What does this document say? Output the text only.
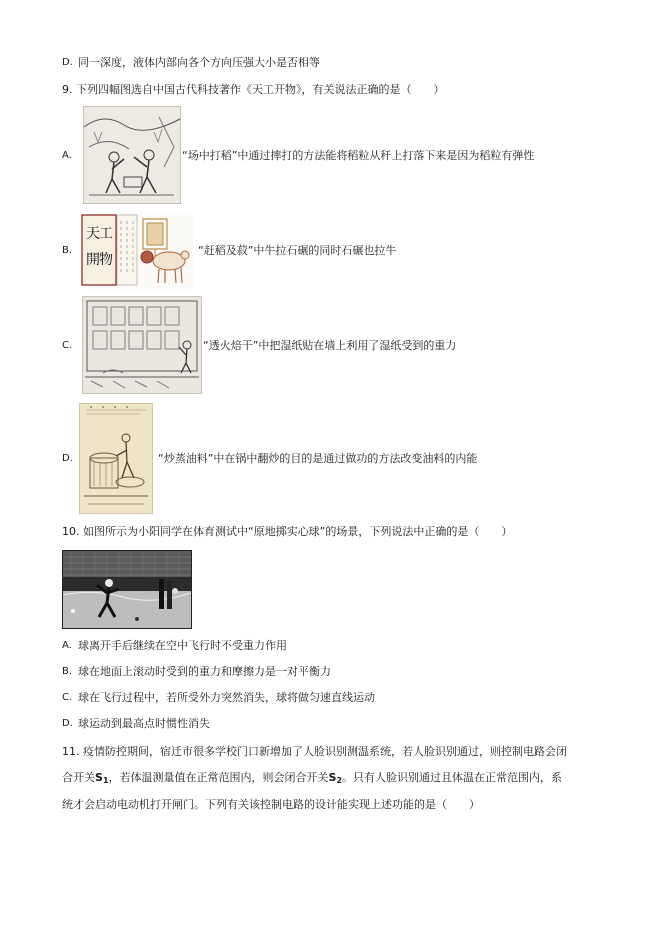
D. 同一深度，液体内部向各个方向压强大小是否相等
9. 下列四幅图选自中国古代科技著作《天工开物》，有关说法正确的是（　　）
A.	“场中打稻”中通过摔打的方法能将稻粒从秆上打落下来是因为稻粒有弹性
B.
天工開物
“赶稻及菽”中牛拉石碾的同时石碾也拉牛
C.	“透火焙干”中把湿纸贴在墙上利用了湿纸受到的重力
D.	“炒蒸油料”中在锅中翻炒的目的是通过做功的方法改变油料的内能
10. 如图所示为小阳同学在体育测试中“原地掷实心球”的场景，下列说法中正确的是（　　）
A. 球离开手后继续在空中飞行时不受重力作用
B. 球在地面上滚动时受到的重力和摩擦力是一对平衡力
C. 球在飞行过程中，若所受外力突然消失，球将做匀速直线运动
D. 球运动到最高点时惯性消失
11. 疫情防控期间，宿迁市很多学校门口新增加了人脸识别测温系统，若人脸识别通过，则控制电路会闭
合开关$S_1$，若体温测量值在正常范围内，则会闭合开关$S_2$。只有人脸识别通过且体温在正常范围内，系
统才会启动电动机打开闸门。下列有关该控制电路的设计能实现上述功能的是（　　）
